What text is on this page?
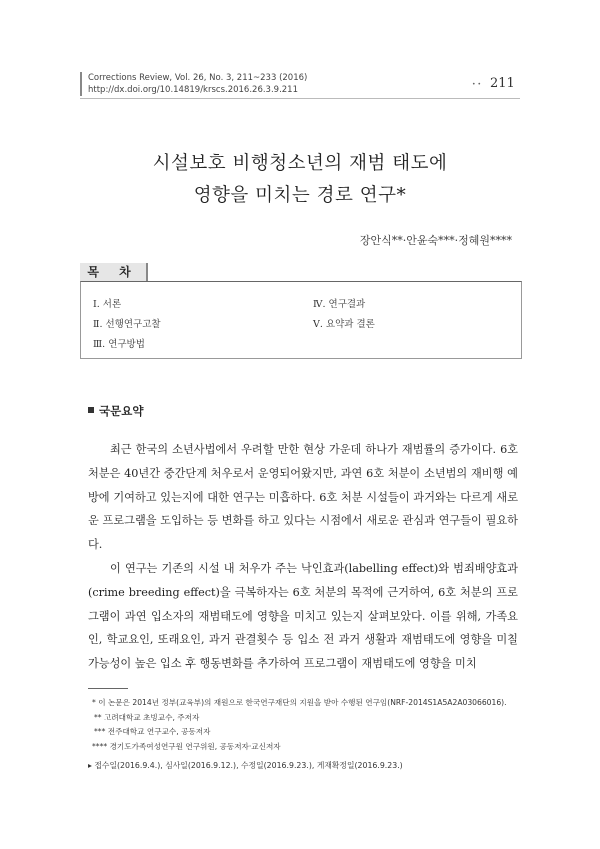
Corrections Review, Vol. 26, No. 3, 211~233 (2016)
http://dx.doi.org/10.14819/krscs.2016.26.3.9.211
• • 211
시설보호 비행청소년의 재범 태도에
영향을 미치는 경로 연구*
장안식**·안윤숙***·정혜원****
목 차
Ⅰ. 서론
Ⅱ. 선행연구고찰
Ⅲ. 연구방법
Ⅳ. 연구결과
Ⅴ. 요약과 결론
국문요약

최근 한국의 소년사법에서 우려할 만한 현상 가운데 하나가 재범률의 증가이다. 6호 처분은 40년간 중간단계 처우로서 운영되어왔지만, 과연 6호 처분이 소년범의 재비행 예방에 기여하고 있는지에 대한 연구는 미흡하다. 6호 처분 시설들이 과거와는 다르게 새로운 프로그램을 도입하는 등 변화를 하고 있다는 시점에서 새로운 관심과 연구들이 필요하다.

이 연구는 기존의 시설 내 처우가 주는 낙인효과(labelling effect)와 범죄배양효과(crime breeding effect)을 극복하자는 6호 처분의 목적에 근거하여, 6호 처분의 프로그램이 과연 입소자의 재범태도에 영향을 미치고 있는지 살펴보았다. 이를 위해, 가족요인, 학교요인, 또래요인, 과거 관결횟수 등 입소 전 과거 생활과 재범태도에 영향을 미칠 가능성이 높은 입소 후 행동변화를 추가하여 프로그램이 재범태도에 영향을 미치

* 이 논문은 2014년 정부(교육부)의 재원으로 한국연구재단의 지원을 받아 수행된 연구임(NRF-2014S1A5A2A03066016).
** 고려대학교 초빙교수, 주저자
*** 전주대학교 연구교수, 공동저자
**** 경기도가족여성연구원 연구위원, 공동저자·교신저자
▸ 접수일(2016.9.4.), 심사일(2016.9.12.), 수정일(2016.9.23.), 게재확정일(2016.9.23.)
